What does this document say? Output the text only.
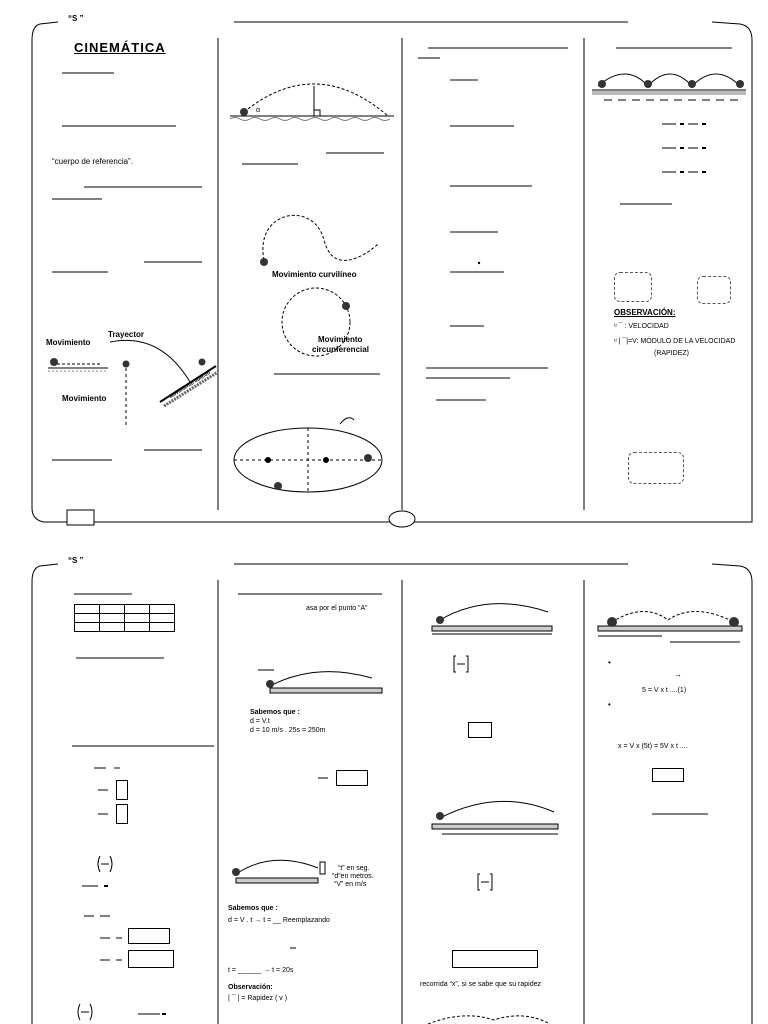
“S ”
CINEMÁTICA
“cuerpo de referencia”.
Movimiento
Trayector
Movimiento	Movimiento oblicuo
α
Movimiento curvilíneo
Movimiento
circunferencial
OBSERVACIÓN:
ᵘ ¯ : VELOCIDAD
ᵘ | ¯|=V: MÓDULO DE LA VELOCIDAD
(RAPIDEZ)
“S ”

asa por el punto “A”
Sabemos que :
d = V.t
d = 10 m/s . 25s = 250m
“t” en seg.
“d”en metros.
“V” en m/s
Sabemos que :
d = V . t → t = __ Reemplazando
t = ______ → t = 20s
Observación:
| ¯ | = Rapidez ( v )
recorrida “x”, si se sabe que su rapidez
•
→
5 = V x t ....(1)
•
x = V x (5t) = 5V x t ....
